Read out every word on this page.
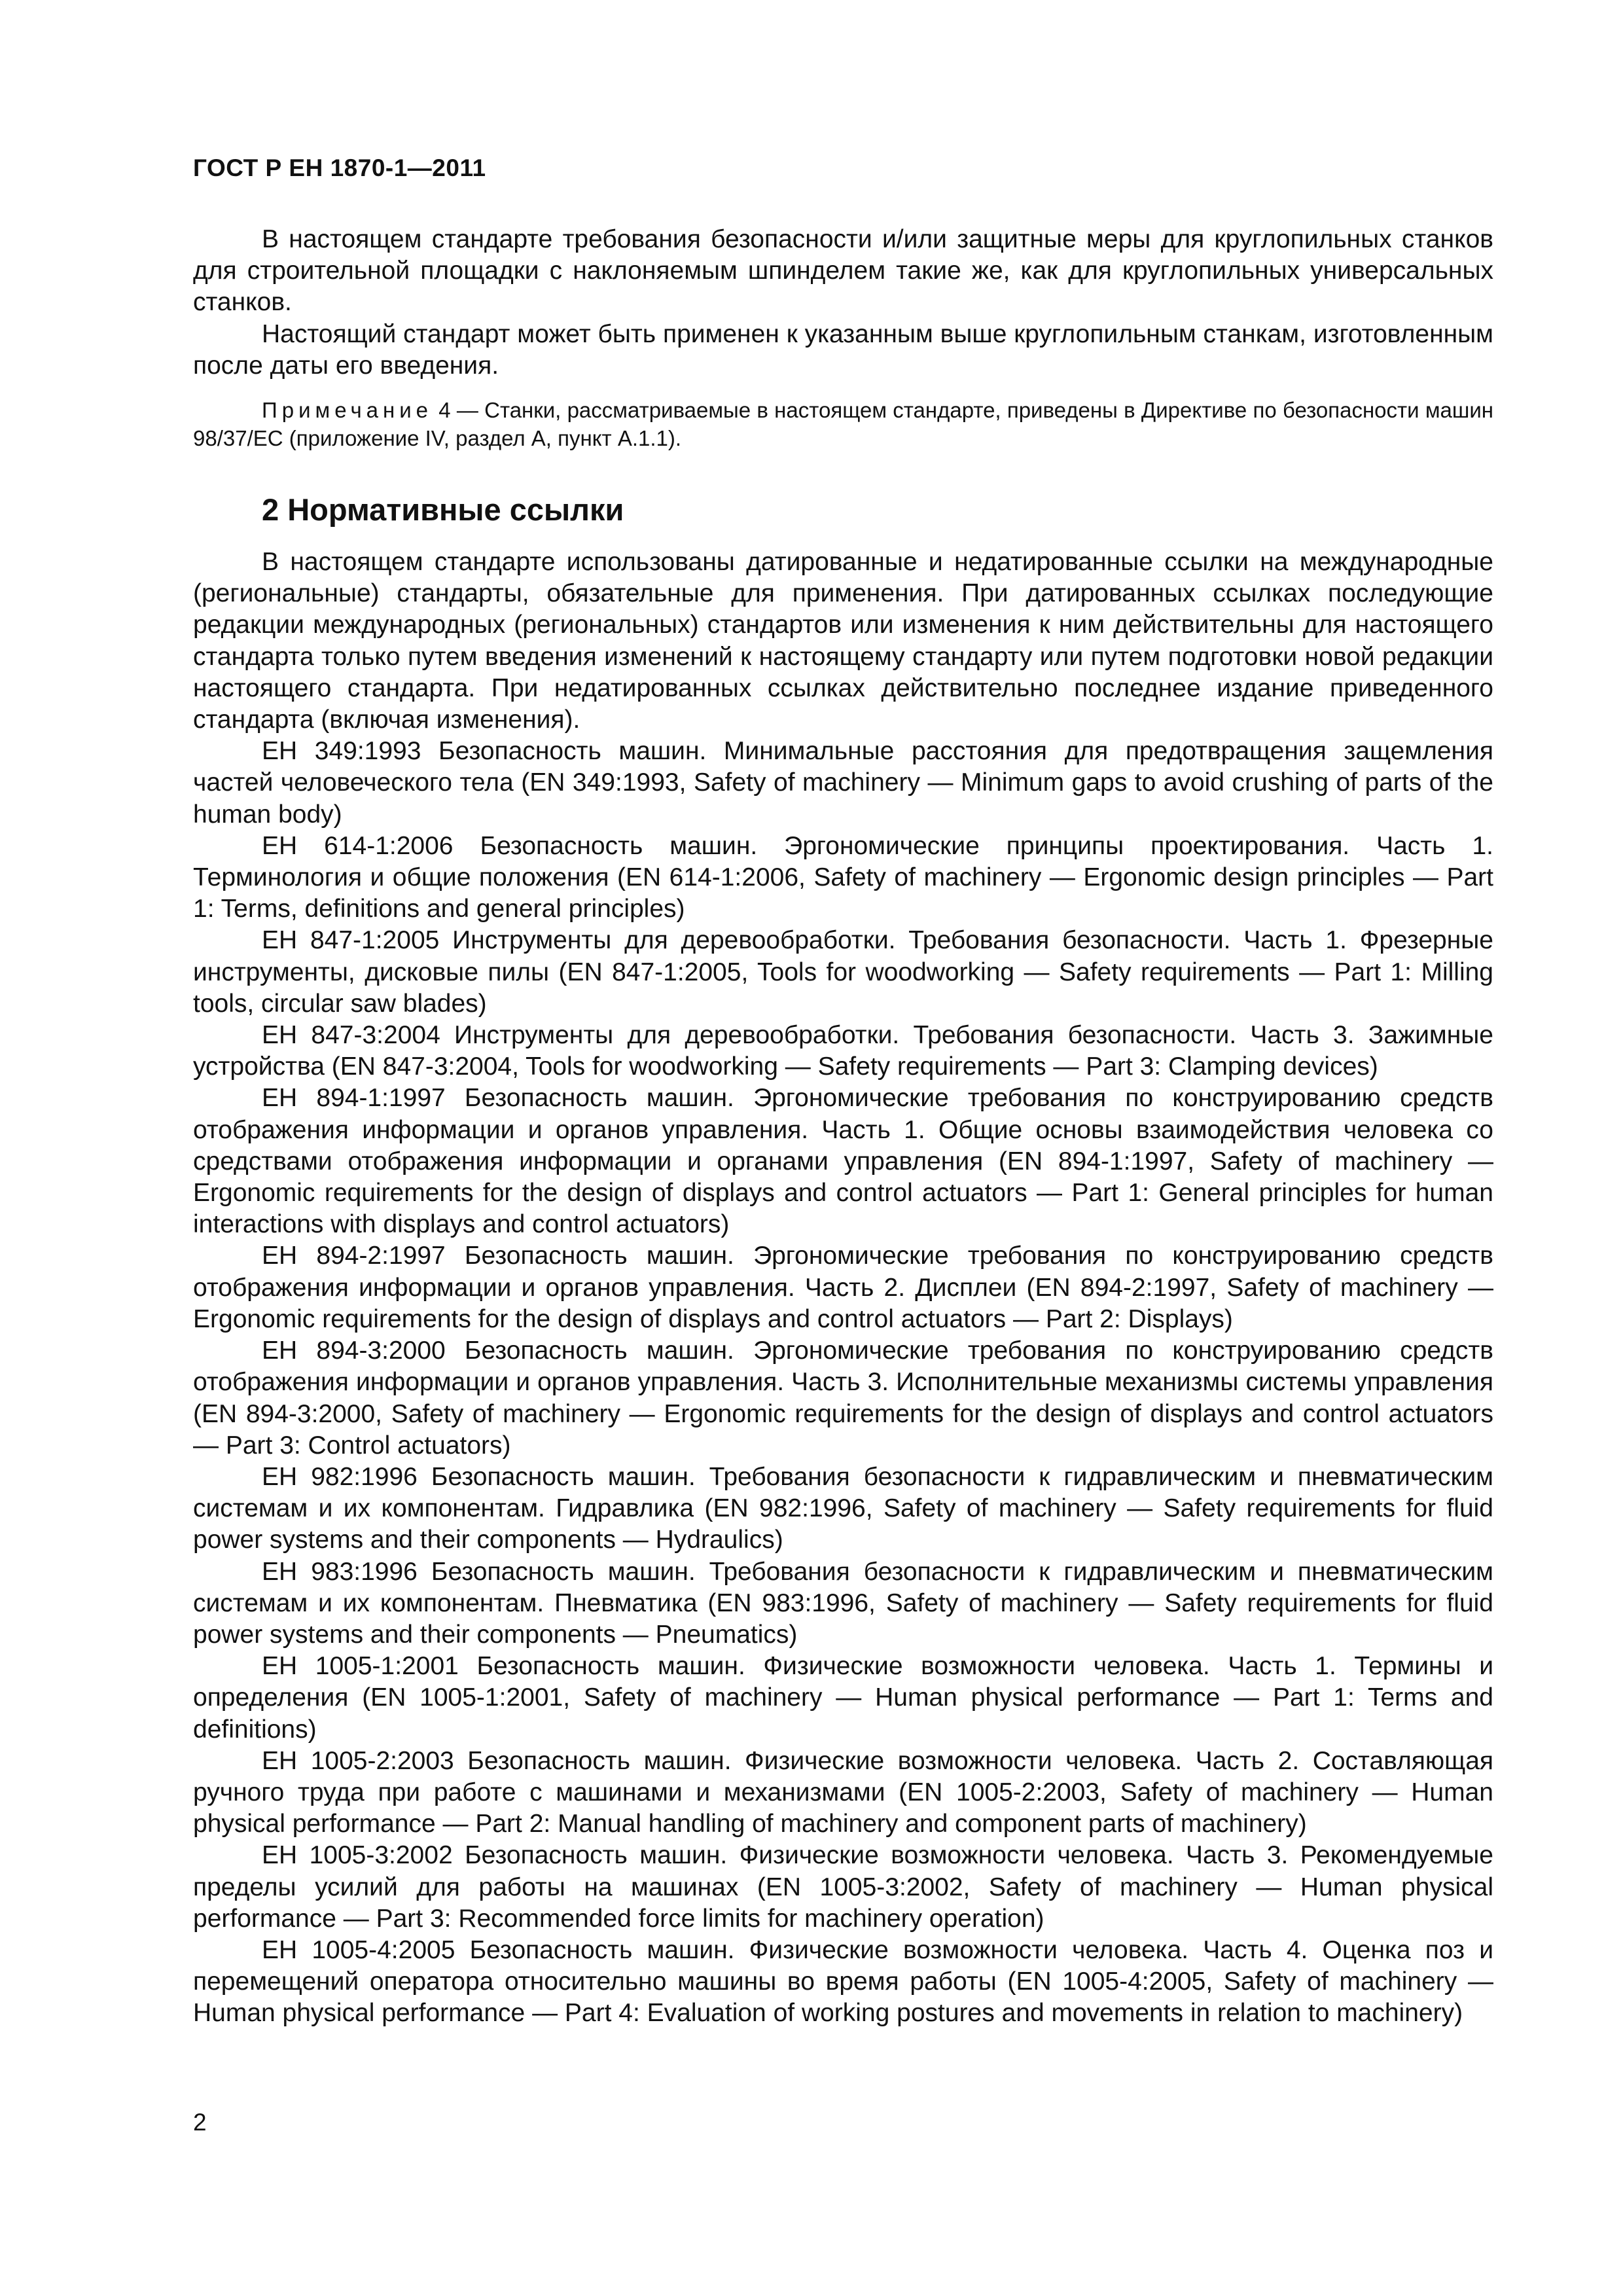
ГОСТ Р ЕН 1870-1—2011

В настоящем стандарте требования безопасности и/или защитные меры для круглопильных станков для строительной площадки с наклоняемым шпинделем такие же, как для круглопильных универсальных станков.

Настоящий стандарт может быть применен к указанным выше круглопильным станкам, изготовленным после даты его введения.

Примечание 4 — Станки, рассматриваемые в настоящем стандарте, приведены в Директиве по безопасности машин 98/37/ЕС (приложение IV, раздел А, пункт А.1.1).

2 Нормативные ссылки

В настоящем стандарте использованы датированные и недатированные ссылки на международные (региональные) стандарты, обязательные для применения. При датированных ссылках последующие редакции международных (региональных) стандартов или изменения к ним действительны для настоящего стандарта только путем введения изменений к настоящему стандарту или путем подготовки новой редакции настоящего стандарта. При недатированных ссылках действительно последнее издание приведенного стандарта (включая изменения).

ЕН 349:1993 Безопасность машин. Минимальные расстояния для предотвращения защемления частей человеческого тела (EN 349:1993, Safety of machinery — Minimum gaps to avoid crushing of parts of the human body)

ЕН 614-1:2006 Безопасность машин. Эргономические принципы проектирования. Часть 1. Терминология и общие положения (EN 614-1:2006, Safety of machinery — Ergonomic design principles — Part 1: Terms, definitions and general principles)

ЕН 847-1:2005 Инструменты для деревообработки. Требования безопасности. Часть 1. Фрезерные инструменты, дисковые пилы (EN 847-1:2005, Tools for woodworking — Safety requirements — Part 1: Milling tools, circular saw blades)

ЕН 847-3:2004 Инструменты для деревообработки. Требования безопасности. Часть 3. Зажимные устройства (EN 847-3:2004, Tools for woodworking — Safety requirements — Part 3: Clamping devices)

ЕН 894-1:1997 Безопасность машин. Эргономические требования по конструированию средств отображения информации и органов управления. Часть 1. Общие основы взаимодействия человека со средствами отображения информации и органами управления (EN 894-1:1997, Safety of machinery — Ergonomic requirements for the design of displays and control actuators — Part 1: General principles for human interactions with displays and control actuators)

ЕН 894-2:1997 Безопасность машин. Эргономические требования по конструированию средств отображения информации и органов управления. Часть 2. Дисплеи (EN 894-2:1997, Safety of machinery — Ergonomic requirements for the design of displays and control actuators — Part 2: Displays)

ЕН 894-3:2000 Безопасность машин. Эргономические требования по конструированию средств отображения информации и органов управления. Часть 3. Исполнительные механизмы системы управления (EN 894-3:2000, Safety of machinery — Ergonomic requirements for the design of displays and control actuators — Part 3: Control actuators)

ЕН 982:1996 Безопасность машин. Требования безопасности к гидравлическим и пневматическим системам и их компонентам. Гидравлика (EN 982:1996, Safety of machinery — Safety requirements for fluid power systems and their components — Hydraulics)

ЕН 983:1996 Безопасность машин. Требования безопасности к гидравлическим и пневматическим системам и их компонентам. Пневматика (EN 983:1996, Safety of machinery — Safety requirements for fluid power systems and their components — Pneumatics)

ЕН 1005-1:2001 Безопасность машин. Физические возможности человека. Часть 1. Термины и определения (EN 1005-1:2001, Safety of machinery — Human physical performance — Part 1: Terms and definitions)

ЕН 1005-2:2003 Безопасность машин. Физические возможности человека. Часть 2. Составляющая ручного труда при работе с машинами и механизмами (EN 1005-2:2003, Safety of machinery — Human physical performance — Part 2: Manual handling of machinery and component parts of machinery)

ЕН 1005-3:2002 Безопасность машин. Физические возможности человека. Часть 3. Рекомендуемые пределы усилий для работы на машинах (EN 1005-3:2002, Safety of machinery — Human physical performance — Part 3: Recommended force limits for machinery operation)

ЕН 1005-4:2005 Безопасность машин. Физические возможности человека. Часть 4. Оценка поз и перемещений оператора относительно машины во время работы (EN 1005-4:2005, Safety of machinery — Human physical performance — Part 4: Evaluation of working postures and movements in relation to machinery)

2
